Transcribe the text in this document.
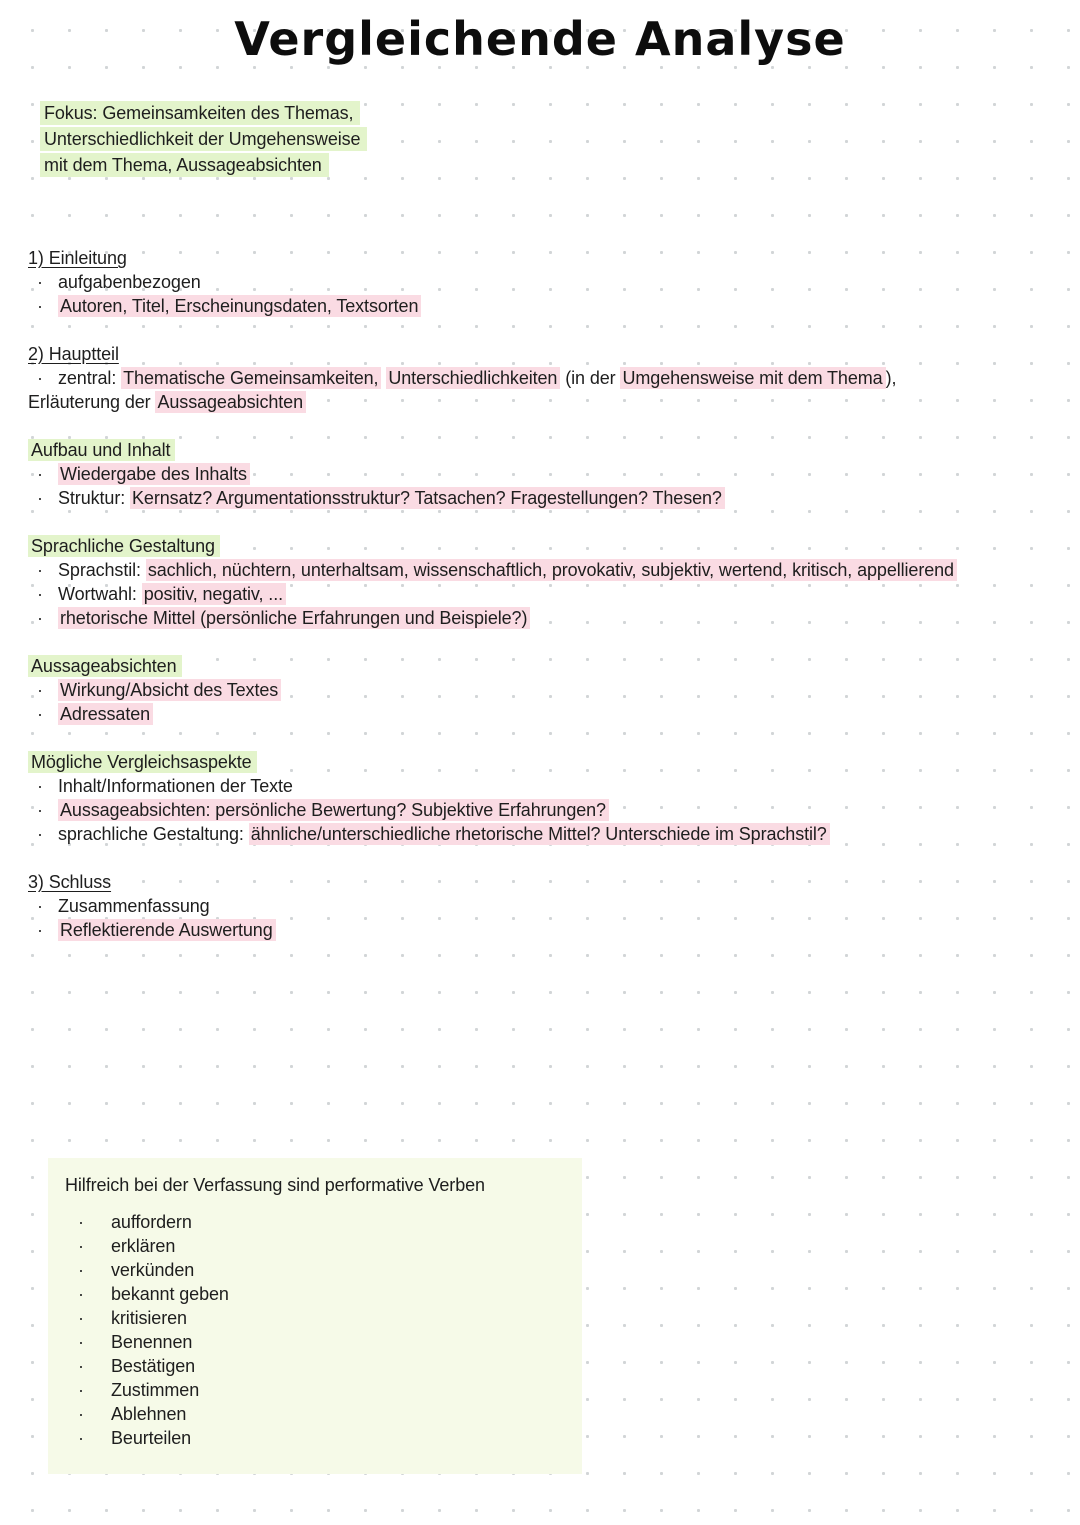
Vergleichende Analyse
Fokus: Gemeinsamkeiten des Themas,
Unterschiedlichkeit der Umgehensweise
mit dem Thema, Aussageabsichten
1) Einleitung
· aufgabenbezogen
· Autoren, Titel, Erscheinungsdaten, Textsorten
2) Hauptteil
· zentral: Thematische Gemeinsamkeiten, Unterschiedlichkeiten (in der Umgehensweise mit dem Thema ),
Erläuterung der Aussageabsichten
Aufbau und Inhalt
· Wiedergabe des Inhalts
· Struktur: Kernsatz? Argumentationsstruktur? Tatsachen? Fragestellungen? Thesen?
Sprachliche Gestaltung
· Sprachstil: sachlich, nüchtern, unterhaltsam, wissenschaftlich, provokativ, subjektiv, wertend, kritisch, appellierend
· Wortwahl: positiv, negativ, ...
· rhetorische Mittel (persönliche Erfahrungen und Beispiele?)
Aussageabsichten
· Wirkung/Absicht des Textes
· Adressaten
Mögliche Vergleichsaspekte
· Inhalt/Informationen der Texte
· Aussageabsichten: persönliche Bewertung? Subjektive Erfahrungen?
· sprachliche Gestaltung: ähnliche/unterschiedliche rhetorische Mittel? Unterschiede im Sprachstil?
3) Schluss
· Zusammenfassung
· Reflektierende Auswertung
Hilfreich bei der Verfassung sind performative Verben
· auffordern
· erklären
· verkünden
· bekannt geben
· kritisieren
· Benennen
· Bestätigen
· Zustimmen
· Ablehnen
· Beurteilen
